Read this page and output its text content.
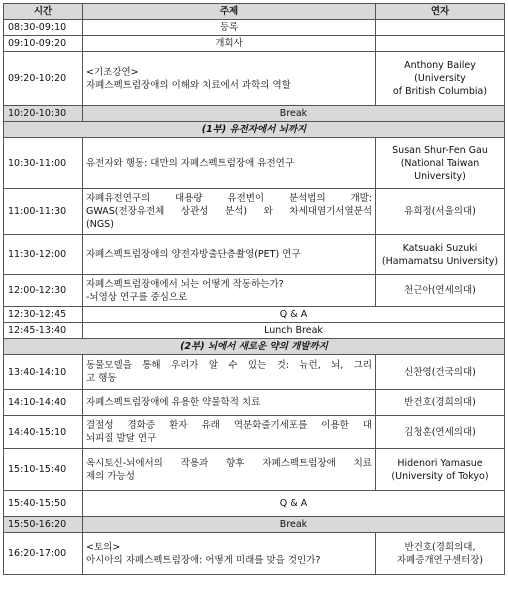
시간	주제	연자
08:30-09:10	등록	
09:10-09:20	개회사	
09:20-10:20	<기조강연>
자폐스펙트럼장애의 이해와 치료에서 과학의 역할	Anthony Bailey (University
of British Columbia)

10:20-10:30	Break	
(1부) 유전자에서 뇌까지		
10:30-11:00	유전자와 행동: 대만의 자폐스펙트럼장애 유전연구	Susan Shur-Fen Gau
(National Taiwan
University)

11:00-11:30	자폐유전연구의 대용량 유전변이 분석법의 개발:
GWAS(전장유전체 상관성 분석) 와 차세대염기서열분석
(NGS)	유희정(서울의대)

11:30-12:00	자폐스펙트럼장애의 양전자방출단층촬영(PET) 연구	Katsuaki Suzuki
(Hamamatsu University)

12:00-12:30	자폐스펙트럼장애에서 뇌는 어떻게 작동하는가?
-뇌영상 연구를 중심으로	천근아(연세의대)

12:30-12:45	Q & A	
12:45-13:40	Lunch Break	
(2부) 뇌에서 새로운 약의 개발까지		
13:40-14:10	동물모델을 통해 우리가 알 수 있는 것: 뉴런, 뇌, 그리
고 행동	신찬영(건국의대)

14:10-14:40	자폐스펙트럼장애에 유용한 약물학적 치료	반건호(경희의대)

14:40-15:10	결절성 경화증 환자 유래 역분화줄기세포를 이용한 대
뇌피질 발달 연구	김청훈(연세의대)

15:10-15:40	옥시토신-뇌에서의 작용과 향후 자폐스펙트럼장애 치료
제의 가능성	Hidenori Yamasue
(University of Tokyo)

15:40-15:50	Q & A	
15:50-16:20	Break	
16:20-17:00	<토의>
아시아의 자폐스펙트럼장애: 어떻게 미래를 맞을 것인가?	반건호(경희의대,
자폐증개연구센터장)
